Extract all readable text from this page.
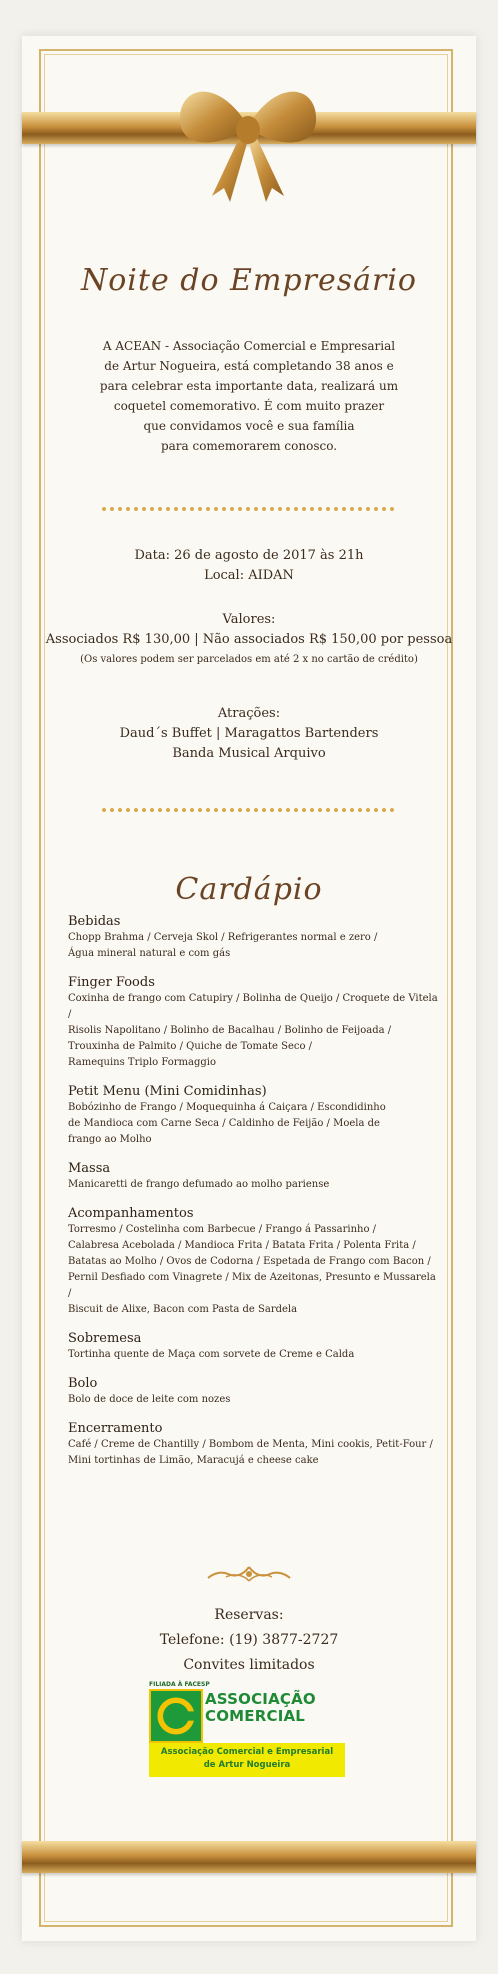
Noite do Empresário
A ACEAN - Associação Comercial e Empresarial
de Artur Nogueira, está completando 38 anos e
para celebrar esta importante data, realizará um
coquetel comemorativo. É com muito prazer
que convidamos você e sua família
para comemorarem conosco.
Data: 26 de agosto de 2017 às 21h
Local: AIDAN
Valores:
Associados R$ 130,00 | Não associados R$ 150,00 por pessoa
(Os valores podem ser parcelados em até 2 x no cartão de crédito)
Atrações:
Daud´s Buffet | Maragattos Bartenders
Banda Musical Arquivo
Cardápio
Bebidas

Chopp Brahma / Cerveja Skol / Refrigerantes normal e zero /

Água mineral natural e com gás

Finger Foods

Coxinha de frango com Catupiry / Bolinha de Queijo / Croquete de Vitela /

Risolis Napolitano / Bolinho de Bacalhau / Bolinho de Feijoada /

Trouxinha de Palmito / Quiche de Tomate Seco /

Ramequins Triplo Formaggio

Petit Menu (Mini Comidinhas)

Bobózinho de Frango / Moquequinha á Caiçara / Escondidinho

de Mandioca com Carne Seca / Caldinho de Feijão / Moela de

frango ao Molho

Massa

Manicaretti de frango defumado ao molho pariense

Acompanhamentos

Torresmo / Costelinha com Barbecue / Frango á Passarinho /

Calabresa Acebolada / Mandioca Frita / Batata Frita / Polenta Frita /

Batatas ao Molho / Ovos de Codorna / Espetada de Frango com Bacon /

Pernil Desfiado com Vinagrete / Mix de Azeitonas, Presunto e Mussarela /

Biscuit de Alixe, Bacon com Pasta de Sardela

Sobremesa

Tortinha quente de Maça com sorvete de Creme e Calda

Bolo

Bolo de doce de leite com nozes

Encerramento

Café / Creme de Chantilly / Bombom de Menta, Mini cookis, Petit-Four /

Mini tortinhas de Limão, Maracujá e cheese cake

Reservas:
Telefone: (19) 3877-2727
Convites limitados
FILIADA À FACESP
ASSOCIAÇÃO
COMERCIAL
Associação Comercial e Empresarial
de Artur Nogueira
